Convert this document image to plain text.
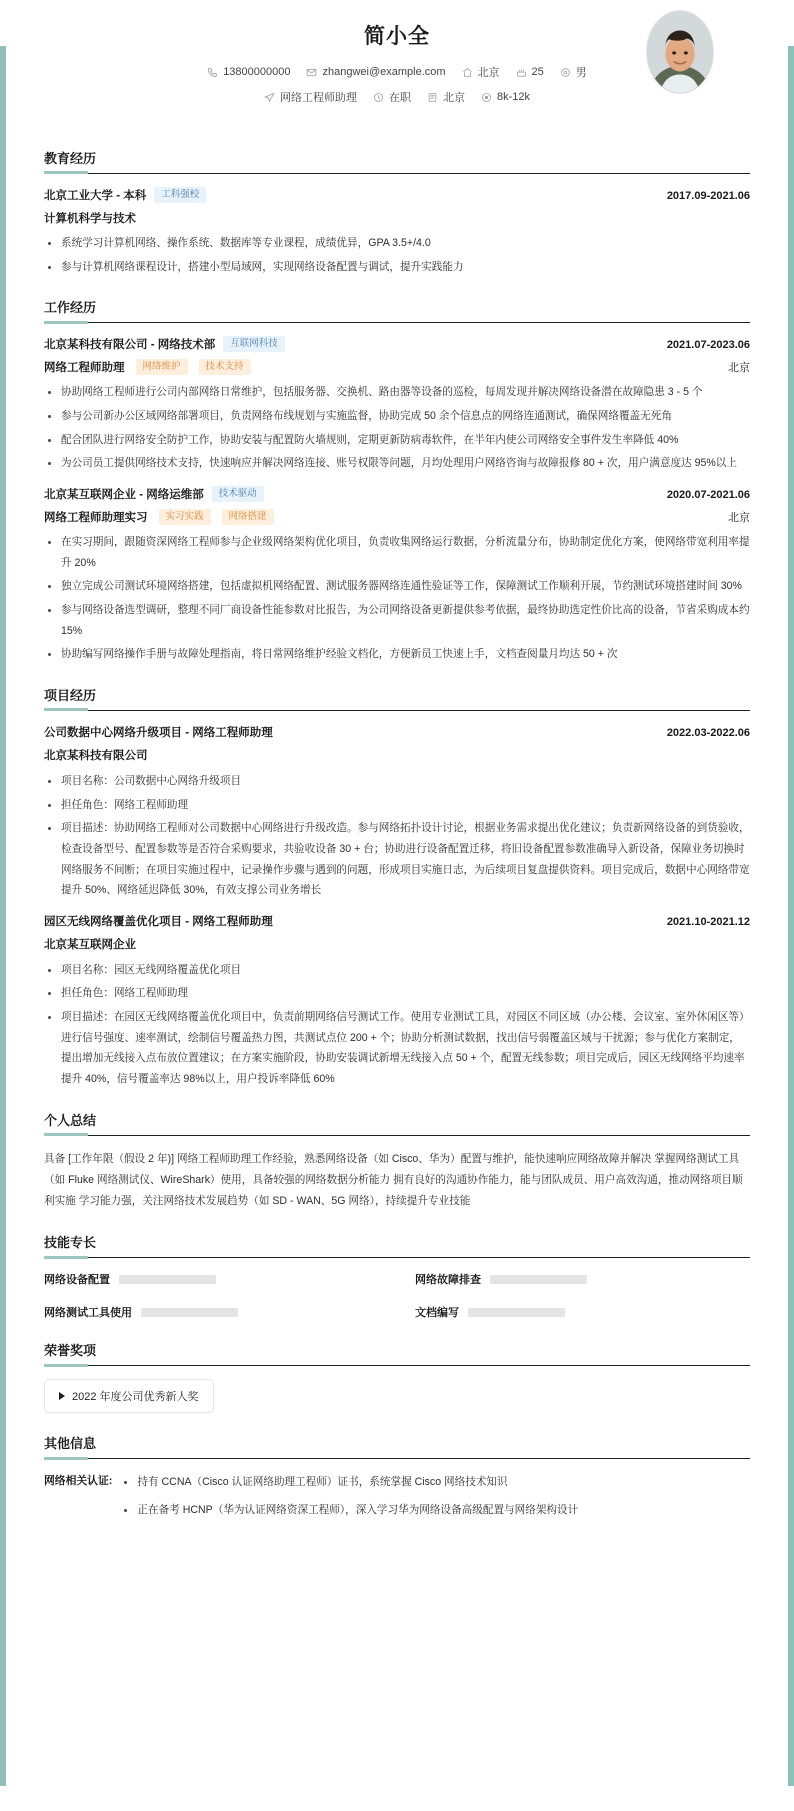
简小全
13800000000	zhangwei@example.com	北京	25	男
网络工程师助理	在职	北京	8k-12k
教育经历
北京工业大学 - 本科	工科强校	2017.09-2021.06
计算机科学与技术
系统学习计算机网络、操作系统、数据库等专业课程，成绩优异，GPA 3.5+/4.0
参与计算机网络课程设计，搭建小型局域网，实现网络设备配置与调试，提升实践能力
工作经历
北京某科技有限公司 - 网络技术部	互联网科技	2021.07-2023.06
网络工程师助理	网络维护	技术支持	北京
协助网络工程师进行公司内部网络日常维护，包括服务器、交换机、路由器等设备的巡检，每周发现并解决网络设备潜在故障隐患 3 - 5 个
参与公司新办公区域网络部署项目，负责网络布线规划与实施监督，协助完成 50 余个信息点的网络连通测试，确保网络覆盖无死角
配合团队进行网络安全防护工作，协助安装与配置防火墙规则，定期更新防病毒软件，在半年内使公司网络安全事件发生率降低 40%
为公司员工提供网络技术支持，快速响应并解决网络连接、账号权限等问题，月均处理用户网络咨询与故障报修 80 + 次，用户满意度达 95%以上
北京某互联网企业 - 网络运维部	技术驱动	2020.07-2021.06
网络工程师助理实习	实习实践	网络搭建	北京
在实习期间，跟随资深网络工程师参与企业级网络架构优化项目，负责收集网络运行数据，分析流量分布，协助制定优化方案，使网络带宽利用率提升 20%
独立完成公司测试环境网络搭建，包括虚拟机网络配置、测试服务器网络连通性验证等工作，保障测试工作顺利开展，节约测试环境搭建时间 30%
参与网络设备选型调研，整理不同厂商设备性能参数对比报告，为公司网络设备更新提供参考依据，最终协助选定性价比高的设备，节省采购成本约 15%
协助编写网络操作手册与故障处理指南，将日常网络维护经验文档化，方便新员工快速上手，文档查阅量月均达 50 + 次
项目经历
公司数据中心网络升级项目 - 网络工程师助理	2022.03-2022.06
北京某科技有限公司
项目名称：公司数据中心网络升级项目
担任角色：网络工程师助理
项目描述：协助网络工程师对公司数据中心网络进行升级改造。参与网络拓扑设计讨论，根据业务需求提出优化建议；负责新网络设备的到货验收，检查设备型号、配置参数等是否符合采购要求，共验收设备 30 + 台；协助进行设备配置迁移，将旧设备配置参数准确导入新设备，保障业务切换时网络服务不间断；在项目实施过程中，记录操作步骤与遇到的问题，形成项目实施日志，为后续项目复盘提供资料。项目完成后，数据中心网络带宽提升 50%、网络延迟降低 30%，有效支撑公司业务增长
园区无线网络覆盖优化项目 - 网络工程师助理	2021.10-2021.12
北京某互联网企业
项目名称：园区无线网络覆盖优化项目
担任角色：网络工程师助理
项目描述：在园区无线网络覆盖优化项目中，负责前期网络信号测试工作。使用专业测试工具，对园区不同区域（办公楼、会议室、室外休闲区等）进行信号强度、速率测试，绘制信号覆盖热力图，共测试点位 200 + 个；协助分析测试数据，找出信号弱覆盖区域与干扰源；参与优化方案制定，提出增加无线接入点布放位置建议；在方案实施阶段，协助安装调试新增无线接入点 50 + 个，配置无线参数；项目完成后，园区无线网络平均速率提升 40%，信号覆盖率达 98%以上，用户投诉率降低 60%
个人总结
具备 [工作年限（假设 2 年)] 网络工程师助理工作经验，熟悉网络设备（如 Cisco、华为）配置与维护，能快速响应网络故障并解决 掌握网络测试工具（如 Fluke 网络测试仪、WireShark）使用，具备较强的网络数据分析能力 拥有良好的沟通协作能力，能与团队成员、用户高效沟通，推动网络项目顺利实施 学习能力强，关注网络技术发展趋势（如 SD - WAN、5G 网络），持续提升专业技能
技能专长
网络设备配置	网络故障排查
网络测试工具使用	文档编写
荣誉奖项
2022 年度公司优秀新人奖
其他信息
网络相关认证:	持有 CCNA（Cisco 认证网络助理工程师）证书，系统掌握 Cisco 网络技术知识
正在备考 HCNP（华为认证网络资深工程师），深入学习华为网络设备高级配置与网络架构设计
